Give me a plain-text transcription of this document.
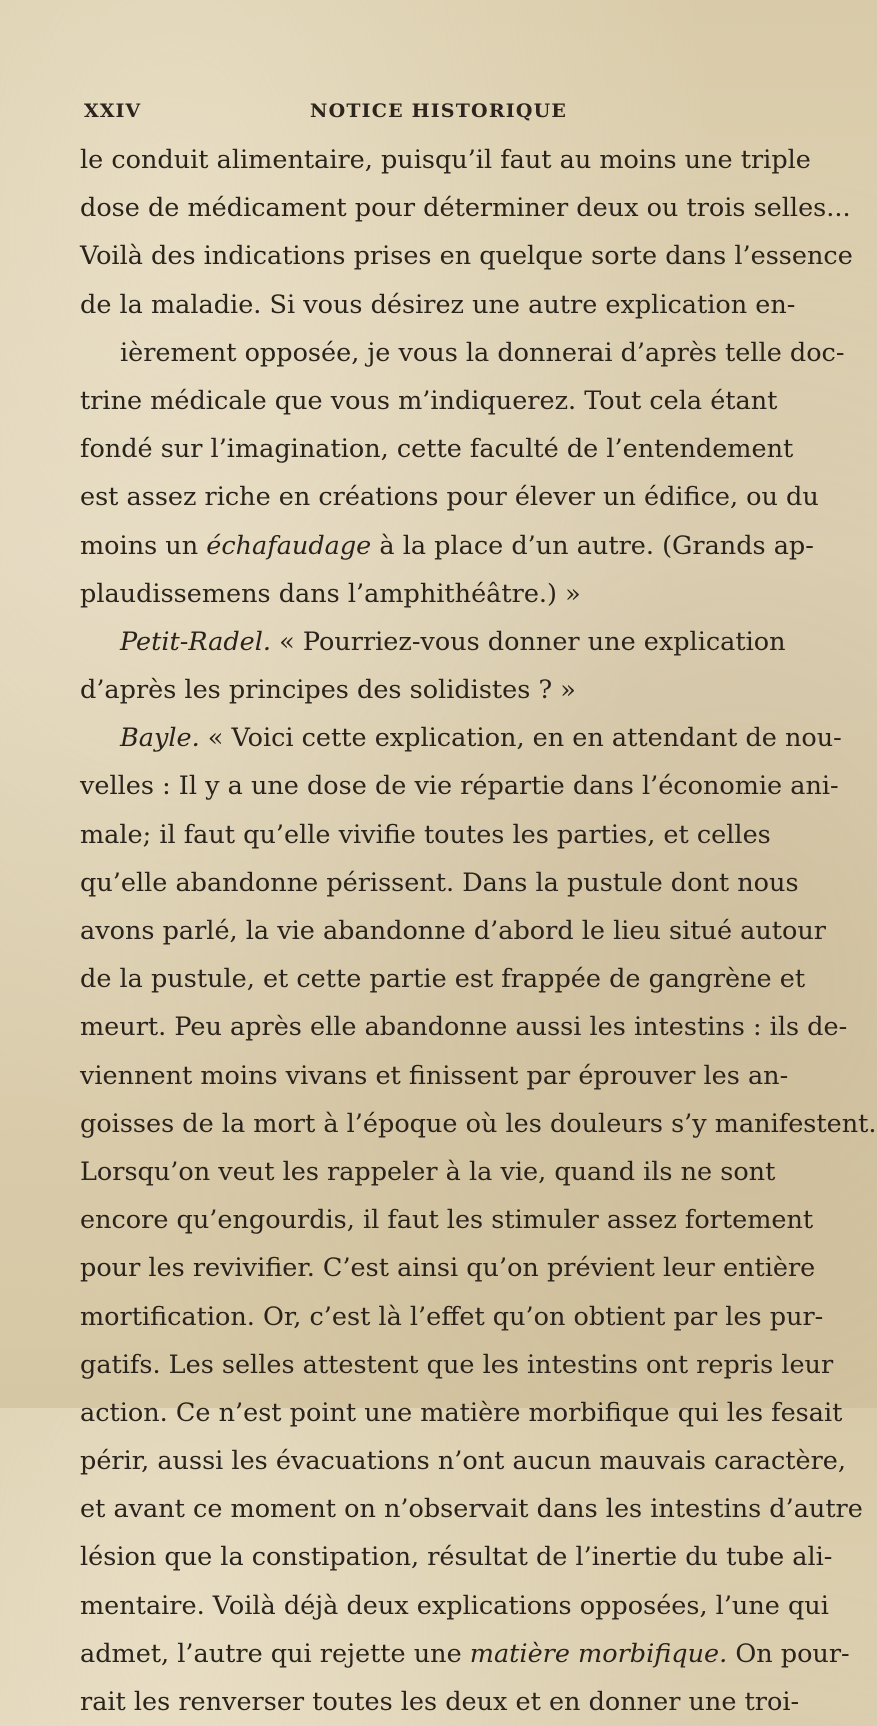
XXIV	NOTICE HISTORIQUE
le conduit alimentaire, puisqu’il faut au moins une triple
dose de médicament pour déterminer deux ou trois selles...
Voilà des indications prises en quelque sorte dans l’essence
de la maladie. Si vous désirez une autre explication en-
ièrement opposée, je vous la donnerai d’après telle doc-
trine médicale que vous m’indiquerez. Tout cela étant
fondé sur l’imagination, cette faculté de l’entendement
est assez riche en créations pour élever un édifice, ou du
moins un échafaudage à la place d’un autre. (Grands ap-
plaudissemens dans l’amphithéâtre.) »
Petit-Radel. « Pourriez-vous donner une explication
d’après les principes des solidistes ? »
Bayle. « Voici cette explication, en en attendant de nou-
velles : Il y a une dose de vie répartie dans l’économie ani-
male; il faut qu’elle vivifie toutes les parties, et celles
qu’elle abandonne périssent. Dans la pustule dont nous
avons parlé, la vie abandonne d’abord le lieu situé autour
de la pustule, et cette partie est frappée de gangrène et
meurt. Peu après elle abandonne aussi les intestins : ils de-
viennent moins vivans et finissent par éprouver les an-
goisses de la mort à l’époque où les douleurs s’y manifestent.
Lorsqu’on veut les rappeler à la vie, quand ils ne sont
encore qu’engourdis, il faut les stimuler assez fortement
pour les revivifier. C’est ainsi qu’on prévient leur entière
mortification. Or, c’est là l’effet qu’on obtient par les pur-
gatifs. Les selles attestent que les intestins ont repris leur
action. Ce n’est point une matière morbifique qui les fesait
périr, aussi les évacuations n’ont aucun mauvais caractère,
et avant ce moment on n’observait dans les intestins d’autre
lésion que la constipation, résultat de l’inertie du tube ali-
mentaire. Voilà déjà deux explications opposées, l’une qui
admet, l’autre qui rejette une matière morbifique. On pour-
rait les renverser toutes les deux et en donner une troi-
